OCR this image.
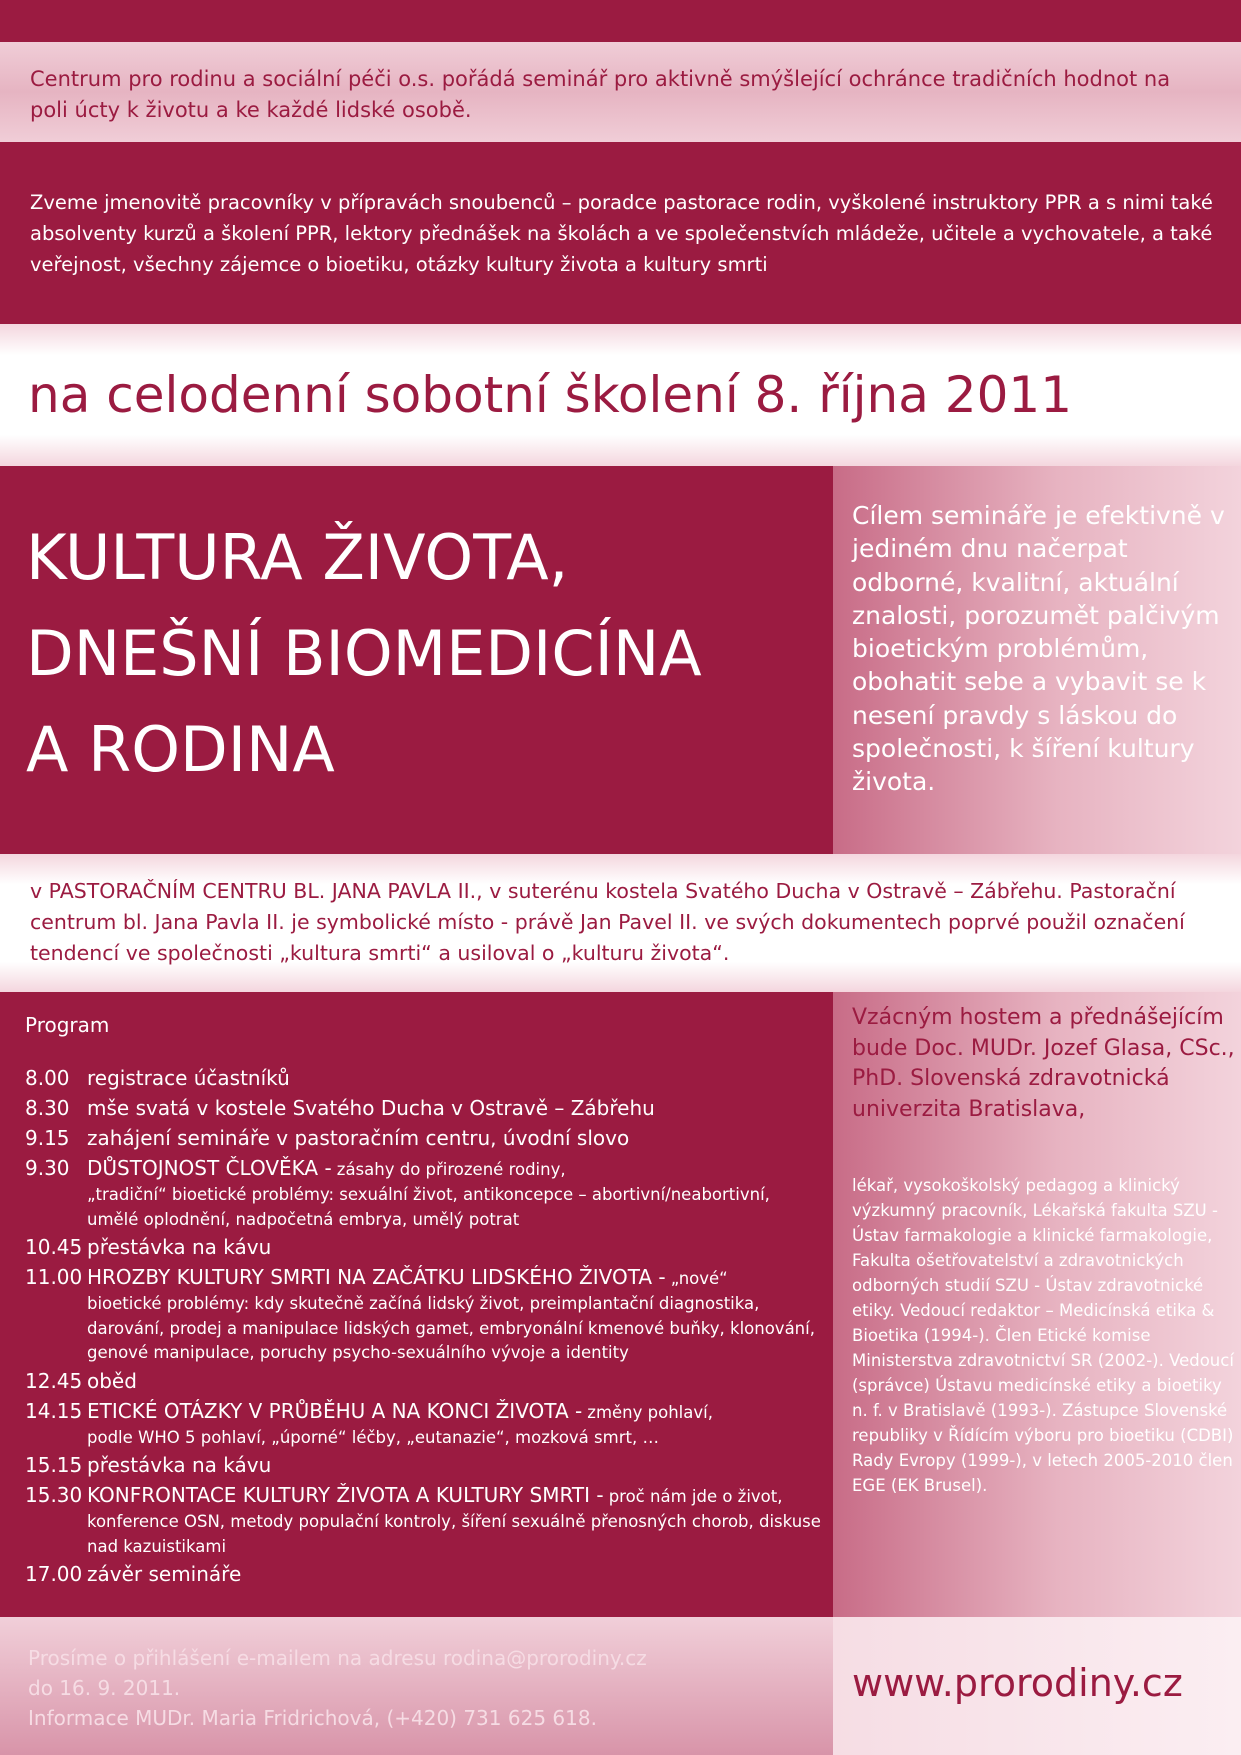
Centrum pro rodinu a sociální péči o.s. pořádá seminář pro aktivně smýšlející ochránce tradičních hodnot na poli úcty k životu a ke každé lidské osobě.

Zveme jmenovitě pracovníky v přípravách snoubenců – poradce pastorace rodin, vyškolené instruktory PPR a s nimi také absolventy kurzů a školení PPR, lektory přednášek na školách a ve společenstvích mládeže, učitele a vychovatele, a také veřejnost, všechny zájemce o bioetiku, otázky kultury života a kultury smrti

na celodenní sobotní školení 8. října 2011

KULTURA ŽIVOTA,
DNEŠNÍ BIOMEDICÍNA
A RODINA

Cílem semináře je efektivně v jediném dnu načerpat odborné, kvalitní, aktuální znalosti, porozumět palčivým bioetickým problémům, obohatit sebe a vybavit se k nesení pravdy s láskou do společnosti, k šíření kultury života.

v PASTORAČNÍM CENTRU BL. JANA PAVLA II., v suterénu kostela Svatého Ducha v Ostravě – Zábřehu. Pastorační centrum bl. Jana Pavla II. je symbolické místo - právě Jan Pavel II. ve svých dokumentech poprvé použil označení tendencí ve společnosti „kultura smrti“ a usiloval o „kulturu života“.

Program
8.00 registrace účastníků
8.30 mše svatá v kostele Svatého Ducha v Ostravě – Zábřehu
9.15 zahájení semináře v pastoračním centru, úvodní slovo
9.30 DŮSTOJNOST ČLOVĚKA - zásahy do přirozené rodiny,
„tradiční“ bioetické problémy: sexuální život, antikoncepce – abortivní/neabortivní, umělé oplodnění, nadpočetná embrya, umělý potrat
10.45 přestávka na kávu
11.00 HROZBY KULTURY SMRTI NA ZAČÁTKU LIDSKÉHO ŽIVOTA - „nové“
bioetické problémy: kdy skutečně začíná lidský život, preimplantační diagnostika, darování, prodej a manipulace lidských gamet, embryonální kmenové buňky, klonování, genové manipulace, poruchy psycho-sexuálního vývoje a identity
12.45 oběd
14.15 ETICKÉ OTÁZKY V PRŮBĚHU A NA KONCI ŽIVOTA - změny pohlaví,
podle WHO 5 pohlaví, „úporné“ léčby, „eutanazie“, mozková smrt, …
15.15 přestávka na kávu
15.30 KONFRONTACE KULTURY ŽIVOTA A KULTURY SMRTI - proč nám jde o život,
konference OSN, metody populační kontroly, šíření sexuálně přenosných chorob, diskuse nad kazuistikami
17.00 závěr semináře

Vzácným hostem a přednášejícím bude Doc. MUDr. Jozef Glasa, CSc., PhD. Slovenská zdravotnická univerzita Bratislava,

lékař, vysokoškolský pedagog a klinický výzkumný pracovník, Lékařská fakulta SZU - Ústav farmakologie a klinické farmakologie, Fakulta ošetřovatelství a zdravotnických odborných studií SZU - Ústav zdravotnické etiky. Vedoucí redaktor – Medicínská etika & Bioetika (1994-). Člen Etické komise Ministerstva zdravotnictví SR (2002-). Vedoucí (správce) Ústavu medicínské etiky a bioetiky n. f. v Bratislavě (1993-). Zástupce Slovenské republiky v Řídícím výboru pro bioetiku (CDBI) Rady Evropy (1999-), v letech 2005-2010 člen EGE (EK Brusel).

Prosíme o přihlášení e-mailem na adresu rodina@prorodiny.cz
do 16. 9. 2011.
Informace MUDr. Maria Fridrichová, (+420) 731 625 618.
www.prorodiny.cz
